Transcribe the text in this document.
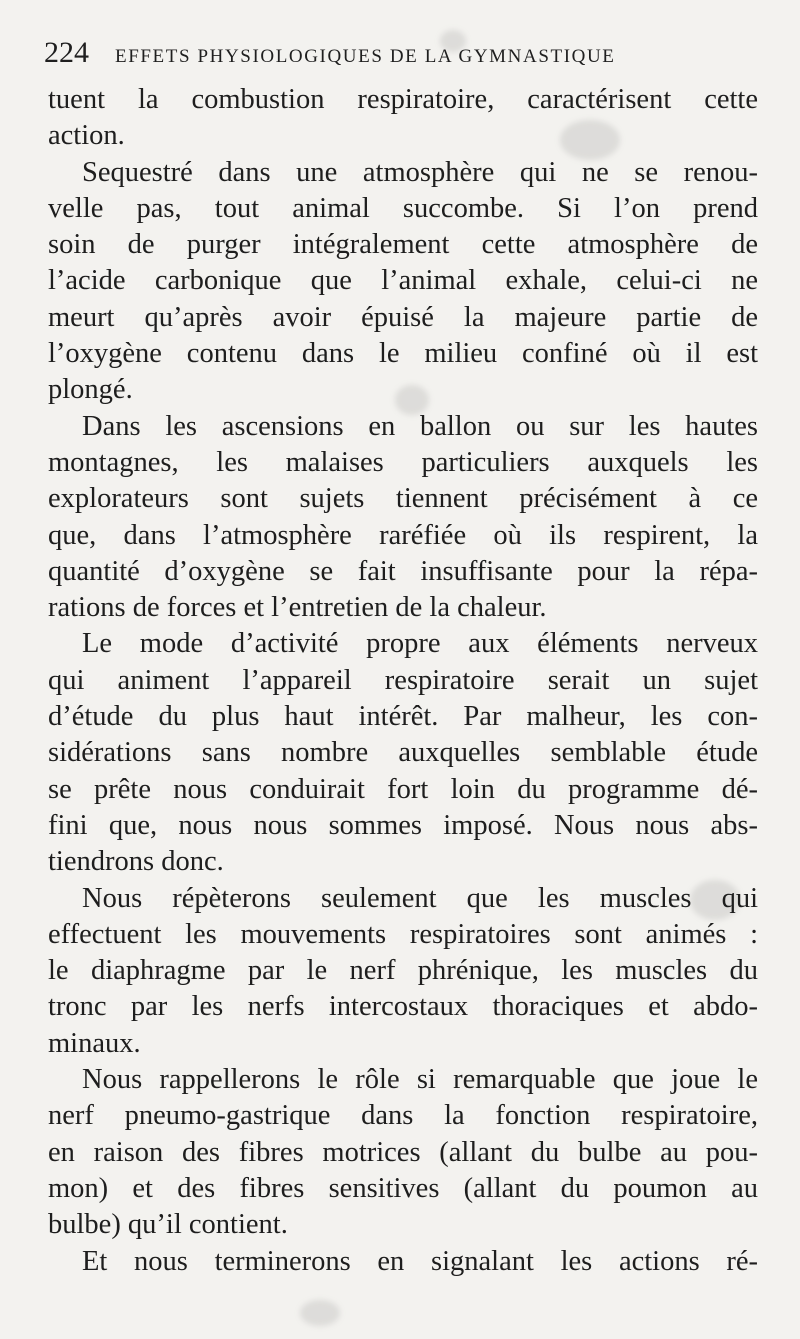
224 EFFETS PHYSIOLOGIQUES DE LA GYMNASTIQUE
tuent la combustion respiratoire, caractérisent cette
action.
Sequestré dans une atmosphère qui ne se renou-
velle pas, tout animal succombe. Si l’on prend
soin de purger intégralement cette atmosphère de
l’acide carbonique que l’animal exhale, celui-ci ne
meurt qu’après avoir épuisé la majeure partie de
l’oxygène contenu dans le milieu confiné où il est
plongé.
Dans les ascensions en ballon ou sur les hautes
montagnes, les malaises particuliers auxquels les
explorateurs sont sujets tiennent précisément à ce
que, dans l’atmosphère raréfiée où ils respirent, la
quantité d’oxygène se fait insuffisante pour la répa-
rations de forces et l’entretien de la chaleur.
Le mode d’activité propre aux éléments nerveux
qui animent l’appareil respiratoire serait un sujet
d’étude du plus haut intérêt. Par malheur, les con-
sidérations sans nombre auxquelles semblable étude
se prête nous conduirait fort loin du programme dé-
fini que, nous nous sommes imposé. Nous nous abs-
tiendrons donc.
Nous répèterons seulement que les muscles qui
effectuent les mouvements respiratoires sont animés :
le diaphragme par le nerf phrénique, les muscles du
tronc par les nerfs intercostaux thoraciques et abdo-
minaux.
Nous rappellerons le rôle si remarquable que joue le
nerf pneumo-gastrique dans la fonction respiratoire,
en raison des fibres motrices (allant du bulbe au pou-
mon) et des fibres sensitives (allant du poumon au
bulbe) qu’il contient.
Et nous terminerons en signalant les actions ré-
